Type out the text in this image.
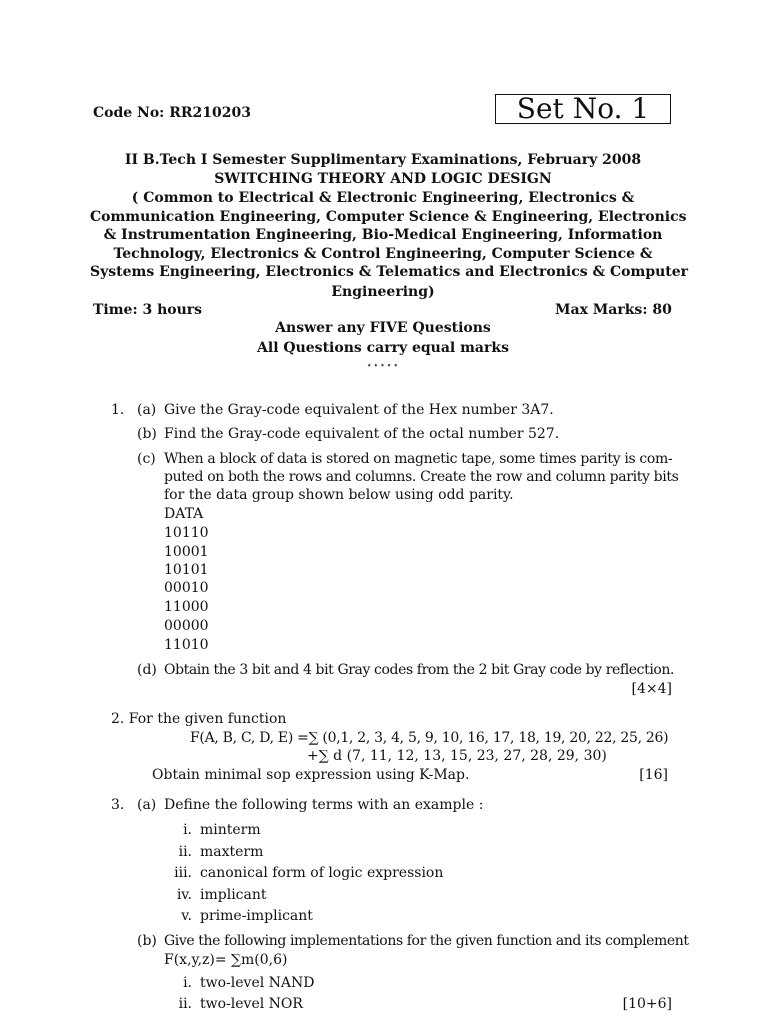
Code No: RR210203	Set No. 1
II B.Tech I Semester Supplimentary Examinations, February 2008
SWITCHING THEORY AND LOGIC DESIGN
( Common to Electrical & Electronic Engineering, Electronics &
Communication Engineering, Computer Science & Engineering, Electronics
& Instrumentation Engineering, Bio-Medical Engineering, Information
Technology, Electronics & Control Engineering, Computer Science &
Systems Engineering, Electronics & Telematics and Electronics & Computer
Engineering)
Time: 3 hours	Max Marks: 80
Answer any FIVE Questions
All Questions carry equal marks
⋆⋆⋆⋆⋆
1. (a) Give the Gray-code equivalent of the Hex number 3A7.
(b) Find the Gray-code equivalent of the octal number 527.
(c) When a block of data is stored on magnetic tape, some times parity is com-
puted on both the rows and columns. Create the row and column parity bits
for the data group shown below using odd parity.
DATA
10110
10001
10101
00010
11000
00000
11010
(d) Obtain the 3 bit and 4 bit Gray codes from the 2 bit Gray code by reflection.
[4×4]
2. For the given function
F(A, B, C, D, E) =∑ (0,1, 2, 3, 4, 5, 9, 10, 16, 17, 18, 19, 20, 22, 25, 26)
+∑ d (7, 11, 12, 13, 15, 23, 27, 28, 29, 30)
Obtain minimal sop expression using K-Map.	[16]
3. (a) Define the following terms with an example :
i. minterm
ii. maxterm
iii. canonical form of logic expression
iv. implicant
v. prime-implicant
(b) Give the following implementations for the given function and its complement
F(x,y,z)= ∑m(0,6)
i. two-level NAND
ii. two-level NOR	[10+6]
